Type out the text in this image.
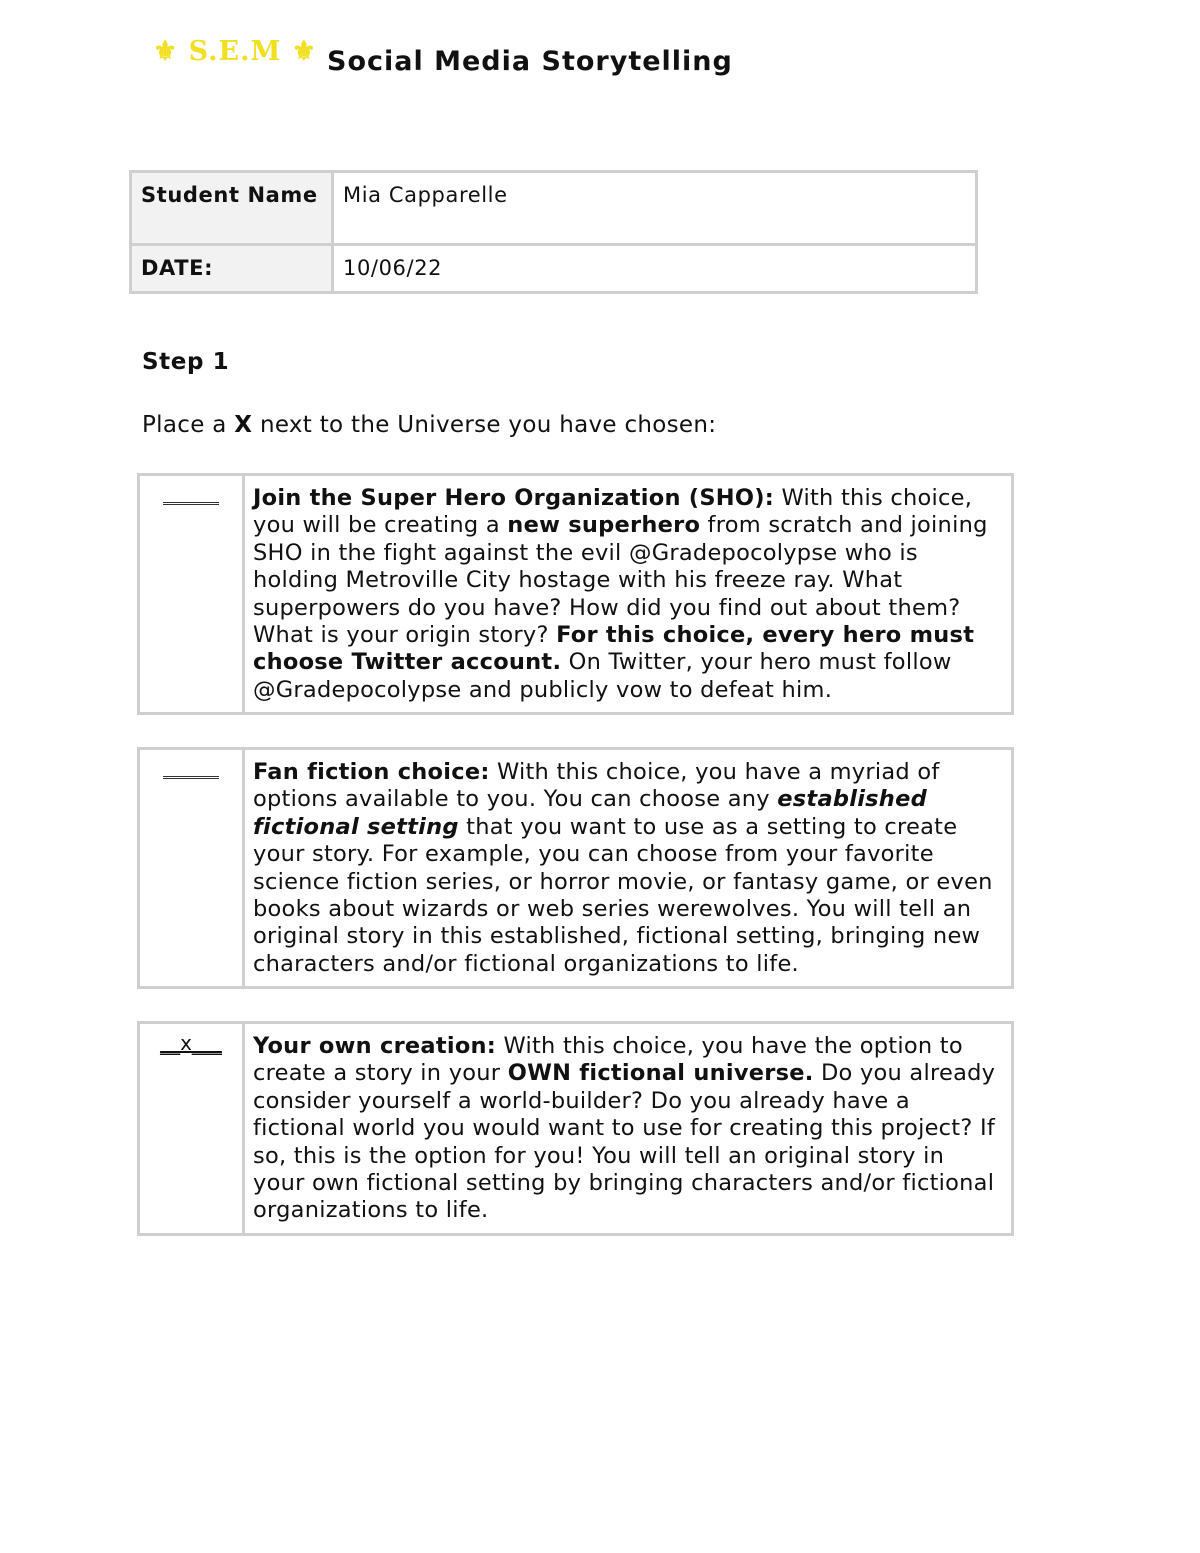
⚜ S.E.M ⚜ Social Media Storytelling
Student Name	Mia Capparelle
DATE:	10/06/22
Step 1
Place a X next to the Universe you have chosen:
	Join the Super Hero Organization (SHO): With this choice, you will be creating a new superhero from scratch and joining SHO in the fight against the evil @Gradepocolypse who is holding Metroville City hostage with his freeze ray. What superpowers do you have? How did you find out about them? What is your origin story? For this choice, every hero must choose Twitter account. On Twitter, your hero must follow @Gradepocolypse and publicly vow to defeat him.
	Fan fiction choice: With this choice, you have a myriad of options available to you. You can choose any established fictional setting that you want to use as a setting to create your story. For example, you can choose from your favorite science fiction series, or horror movie, or fantasy game, or even books about wizards or web series werewolves. You will tell an original story in this established, fictional setting, bringing new characters and/or fictional organizations to life.
__x___	Your own creation: With this choice, you have the option to create a story in your OWN fictional universe. Do you already consider yourself a world-builder? Do you already have a fictional world you would want to use for creating this project? If so, this is the option for you! You will tell an original story in your own fictional setting by bringing characters and/or fictional organizations to life.
